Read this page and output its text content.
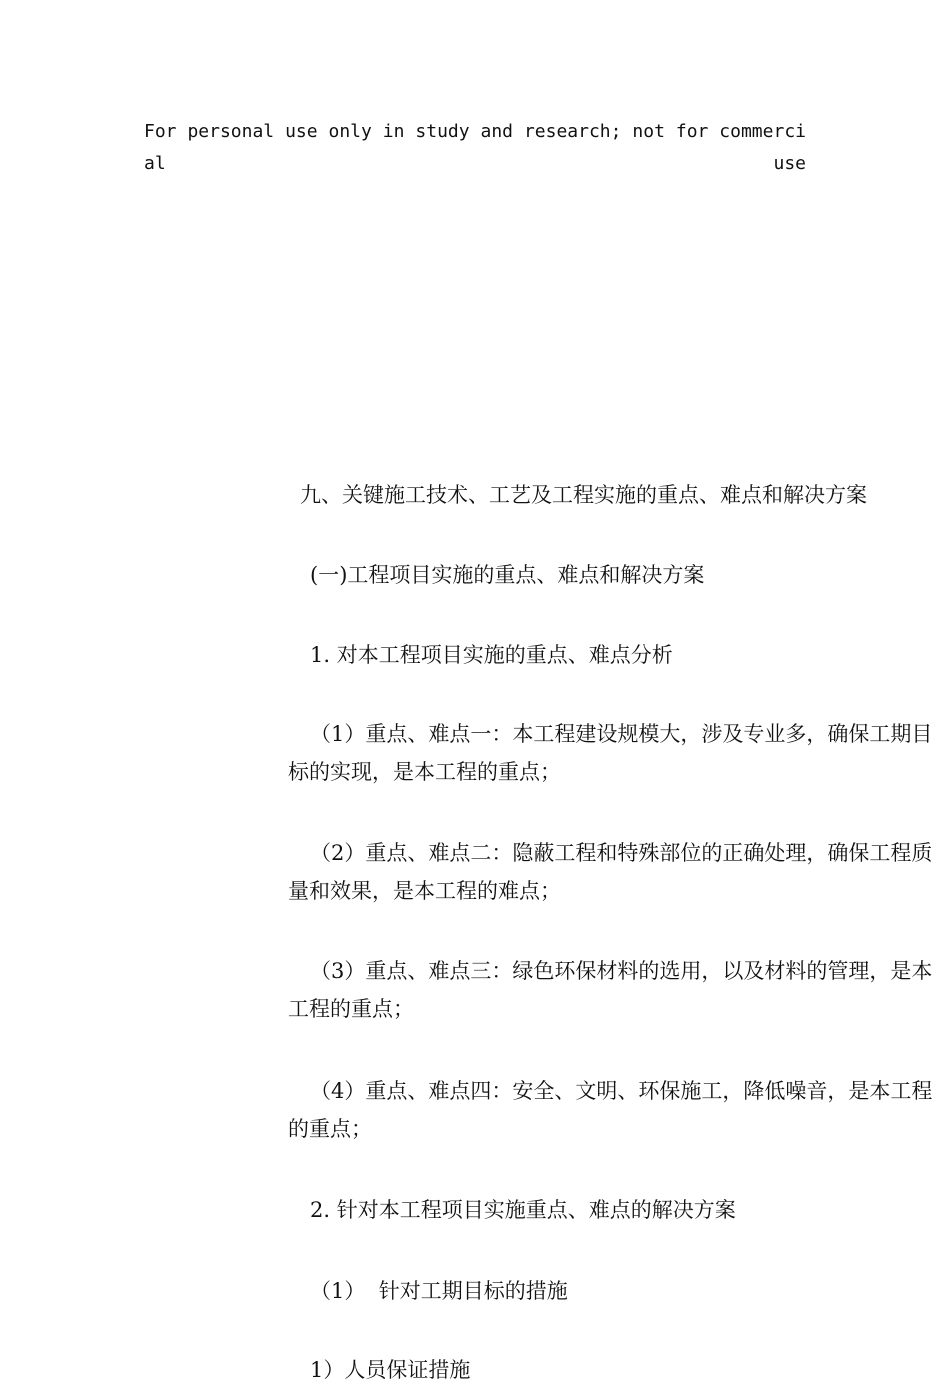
For personal use only in study and research; not for commercial use

九、关键施工技术、工艺及工程实施的重点、难点和解决方案

(一)工程项目实施的重点、难点和解决方案

1. 对本工程项目实施的重点、难点分析

（1）重点、难点一：本工程建设规模大，涉及专业多，确保工期目标的实现，是本工程的重点；

（2）重点、难点二：隐蔽工程和特殊部位的正确处理，确保工程质量和效果，是本工程的难点；

（3）重点、难点三：绿色环保材料的选用，以及材料的管理，是本工程的重点；

（4）重点、难点四：安全、文明、环保施工，降低噪音，是本工程的重点；

2. 针对本工程项目实施重点、难点的解决方案

（1）  针对工期目标的措施

1）人员保证措施
